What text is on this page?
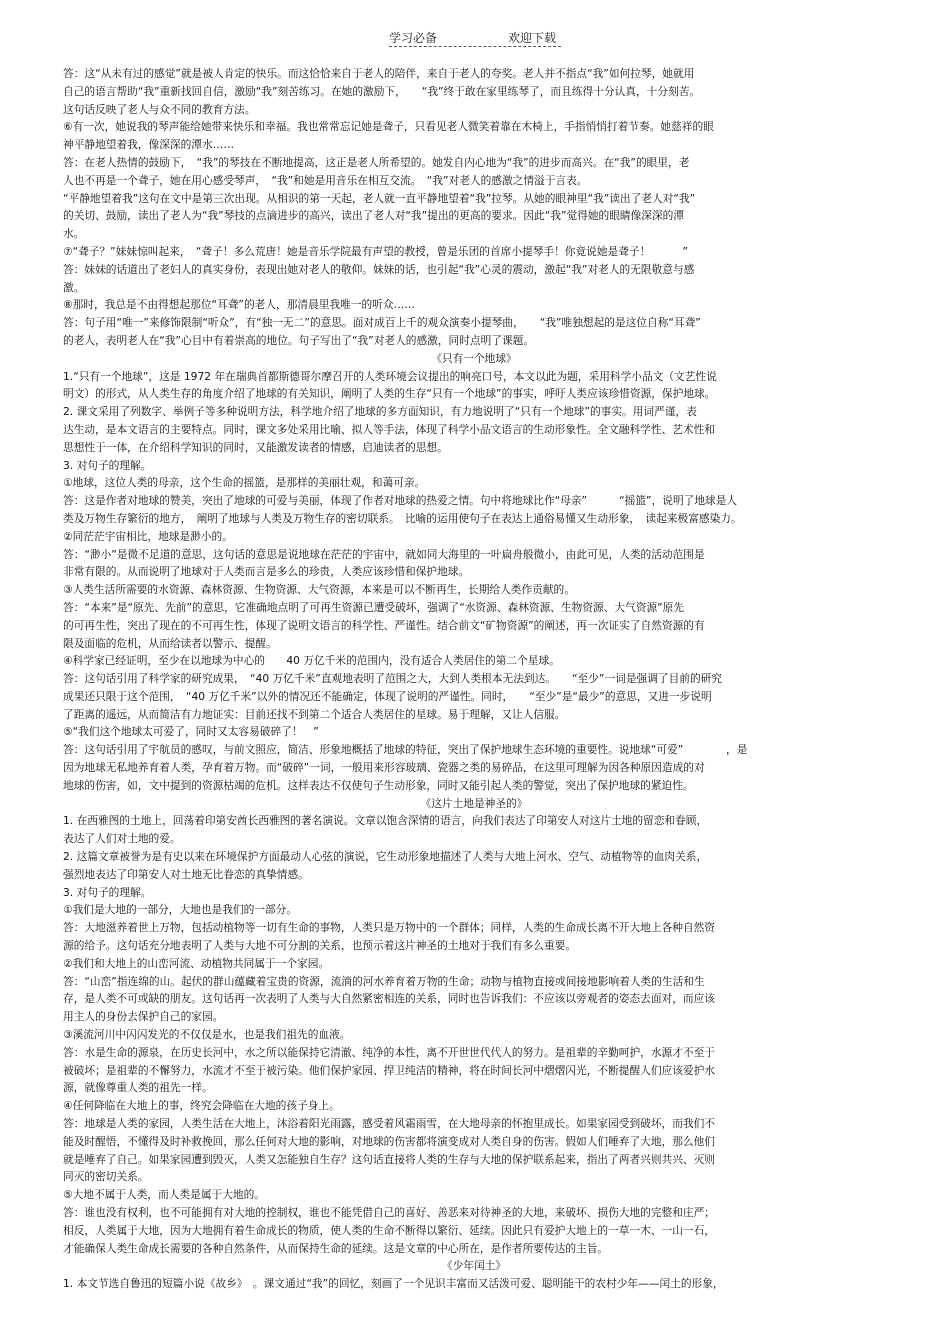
学习必备	欢迎下载
答：这“从未有过的感觉”就是被人肯定的快乐。而这恰恰来自于老人的陪伴，来自于老人的夸奖。老人并不指点“我”如何拉琴，她就用
自己的语言帮助“我”重新找回自信，激励“我”刻苦练习。在她的激励下，　　“我”终于敢在家里练琴了，而且练得十分认真，十分刻苦。
这句话反映了老人与众不同的教育方法。
⑥有一次，她说我的琴声能给她带来快乐和幸福。我也常常忘记她是聋子，只看见老人微笑着靠在木椅上，手指悄悄打着节奏。她慈祥的眼
神平静地望着我，像深深的潭水……
答：在老人热情的鼓励下，　“我”的琴技在不断地提高，这正是老人所希望的。她发自内心地为“我”的进步而高兴。在“我”的眼里，老
人也不再是一个聋子，她在用心感受琴声，　“我”和她是用音乐在相互交流。　“我”对老人的感激之情溢于言表。
“平静地望着我”这句在文中是第三次出现。从相识的第一天起，老人就一直平静地望着“我”拉琴。从她的眼神里“我”读出了老人对“我”
的关切、鼓励，读出了老人为“我”琴技的点滴进步的高兴，读出了老人对“我”提出的更高的要求。因此“我”觉得她的眼睛像深深的潭
水。
⑦“聋子？”妹妹惊叫起来，　“聋子！多么荒唐！她是音乐学院最有声望的教授，曾是乐团的首席小提琴手！你竟说她是聋子！　　　”
答：妹妹的话道出了老妇人的真实身份，表现出她对老人的敬仰。妹妹的话，也引起“我”心灵的震动，激起“我”对老人的无限敬意与感
激。
⑧那时，我总是不由得想起那位“耳聋”的老人，那清晨里我唯一的听众……
答：句子用“唯一”来修饰限制“听众”，有“独一无二”的意思。面对成百上千的观众演奏小提琴曲，　　“我”唯独想起的是这位自称“耳聋”
的老人，表明老人在“我”心目中有着崇高的地位。句子写出了“我”对老人的感激，同时点明了课题。
《只有一个地球》
1.“只有一个地球”，这是 1972 年在瑞典首都斯德哥尔摩召开的人类环境会议提出的响亮口号，本文以此为题，采用科学小品文（文艺性说
明文）的形式，从人类生存的角度介绍了地球的有关知识，阐明了人类的生存“只有一个地球”的事实，呼吁人类应该珍惜资源，保护地球。
2. 课文采用了列数字、举例子等多种说明方法，科学地介绍了地球的多方面知识，有力地说明了“只有一个地球”的事实。用词严谨，表
达生动，是本文语言的主要特点。同时，课文多处采用比喻、拟人等手法，体现了科学小品文语言的生动形象性。全文融科学性、艺术性和
思想性于一体，在介绍科学知识的同时，又能激发读者的情感，启迪读者的思想。
3. 对句子的理解。
①地球，这位人类的母亲，这个生命的摇篮，是那样的美丽壮观，和蔼可亲。
答：这是作者对地球的赞美，突出了地球的可爱与美丽，体现了作者对地球的热爱之情。句中将地球比作“母亲”　　　“摇篮”，说明了地球是人
类及万物生存繁衍的地方，　阐明了地球与人类及万物生存的密切联系。　比喻的运用使句子在表达上通俗易懂又生动形象，　读起来极富感染力。
②同茫茫宇宙相比，地球是渺小的。
答：“渺小”是微不足道的意思，这句话的意思是说地球在茫茫的宇宙中，就如同大海里的一叶扁舟般微小，由此可见，人类的活动范围是
非常有限的。从而说明了地球对于人类而言是多么的珍贵，人类应该珍惜和保护地球。
③人类生活所需要的水资源、森林资源、生物资源、大气资源，本来是可以不断再生，长期给人类作贡献的。
答：“本来”是“原先、先前”的意思，它准确地点明了可再生资源已遭受破坏，强调了“水资源、森林资源、生物资源、大气资源”原先
的可再生性，突出了现在的不可再生性，体现了说明文语言的科学性、严谨性。结合前文“矿物资源”的阐述，再一次证实了自然资源的有
限及面临的危机，从而给读者以警示、提醒。
④科学家已经证明，至少在以地球为中心的　　40 万亿千米的范围内，没有适合人类居住的第二个星球。
答：这句话引用了科学家的研究成果，　“40 万亿千米”直观地表明了范围之大，大到人类根本无法到达。　　“至少”一词是强调了目前的研究
成果还只限于这个范围，　“40 万亿千米”以外的情况还不能确定，体现了说明的严谨性。同时，　　“至少”是“最少”的意思，又进一步说明
了距离的遥远，从而简洁有力地证实：目前还找不到第二个适合人类居住的星球。易于理解，又让人信服。
⑤“我们这个地球太可爱了，同时又太容易破碎了！　”
答：这句话引用了宇航员的感叹，与前文照应，简洁、形象地概括了地球的特征，突出了保护地球生态环境的重要性。说地球“可爱”　　　　，是
因为地球无私地养育着人类，孕育着万物。而“破碎”一词，一般用来形容玻璃、瓷器之类的易碎品，在这里可理解为因各种原因造成的对
地球的伤害，如，文中提到的资源枯竭的危机。这样表达不仅使句子生动形象，同时又能引起人类的警觉，突出了保护地球的紧迫性。
《这片土地是神圣的》
1. 在西雅图的土地上，回荡着印第安酋长西雅图的著名演说。文章以饱含深情的语言，向我们表达了印第安人对这片土地的留恋和眷顾，
表达了人们对土地的爱。
2. 这篇文章被誉为是有史以来在环境保护方面最动人心弦的演说，它生动形象地描述了人类与大地上河水、空气、动植物等的血肉关系，
强烈地表达了印第安人对土地无比眷恋的真挚情感。
3. 对句子的理解。
①我们是大地的一部分，大地也是我们的一部分。
答：大地滋养着世上万物，包括动植物等一切有生命的事物，人类只是万物中的一个群体；同样，人类的生命成长离不开大地上各种自然资
源的给予。这句话充分地表明了人类与大地不可分割的关系，也预示着这片神圣的土地对于我们有多么重要。
②我们和大地上的山峦河流、动植物共同属于一个家园。
答：“山峦”指连绵的山。起伏的群山蕴藏着宝贵的资源，流淌的河水养育着万物的生命；动物与植物直接或间接地影响着人类的生活和生
存，是人类不可或缺的朋友。这句话再一次表明了人类与大自然紧密相连的关系，同时也告诉我们：不应该以旁观者的姿态去面对，而应该
用主人的身份去保护自己的家园。
③溪流河川中闪闪发光的不仅仅是水，也是我们祖先的血液。
答：水是生命的源泉，在历史长河中，水之所以能保持它清澈、纯净的本性，离不开世世代代人的努力。是祖辈的辛勤呵护，水源才不至于
被破坏；是祖辈的不懈努力，水流才不至于被污染。他们保护家园、捍卫纯洁的精神，将在时间长河中熠熠闪光，不断提醒人们应该爱护水
源，就像尊重人类的祖先一样。
④任何降临在大地上的事，终究会降临在大地的孩子身上。
答：地球是人类的家园，人类生活在大地上，沐浴着阳光雨露，感受着风霜雨雪，在大地母亲的怀抱里成长。如果家园受到破坏，而我们不
能及时醒悟，不懂得及时补救挽回，那么任何对大地的影响，对地球的伤害都将演变成对人类自身的伤害。假如人们唾弃了大地，那么他们
就是唾弃了自己。如果家园遭到毁灭，人类又怎能独自生存？这句话直接将人类的生存与大地的保护联系起来，指出了两者兴则共兴、灭则
同灭的密切关系。
⑤大地不属于人类，而人类是属于大地的。
答：谁也没有权利，也不可能拥有对大地的控制权，谁也不能凭借自己的喜好、善恶来对待神圣的大地，来破坏、损伤大地的完整和庄严；
相反，人类属于大地，因为大地拥有着生命成长的物质，使人类的生命不断得以繁衍、延续。因此只有爱护大地上的一草一木、一山一石，
才能确保人类生命成长需要的各种自然条件，从而保持生命的延续。这是文章的中心所在，是作者所要传达的主旨。
《少年闰土》
1. 本文节选自鲁迅的短篇小说《故乡》　。课文通过“我”的回忆，刻画了一个见识丰富而又活泼可爱、聪明能干的农村少年——闰土的形象，
